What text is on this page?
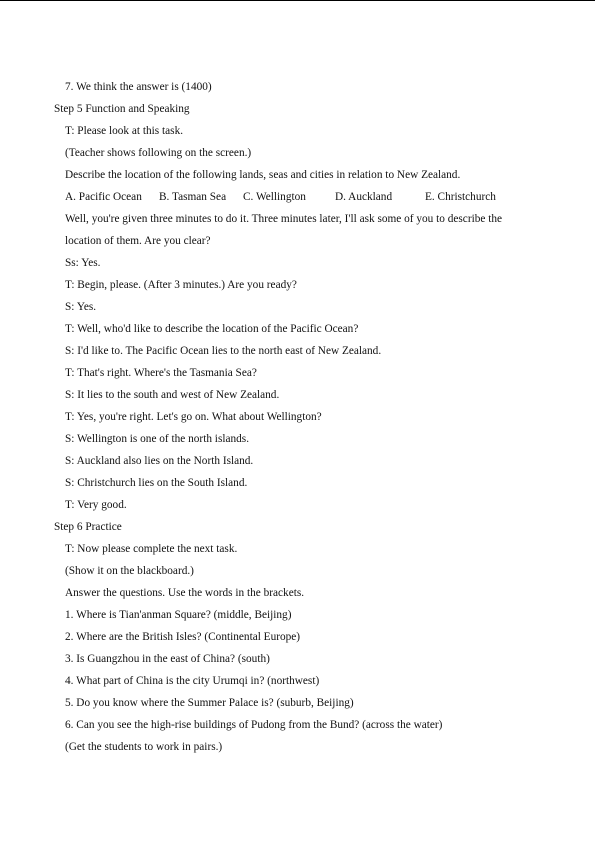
7. We think the answer is (1400)
Step 5 Function and Speaking
T: Please look at this task.
(Teacher shows following on the screen.)
Describe the location of the following lands, seas and cities in relation to New Zealand.
A. Pacific Ocean B. Tasman Sea C. Wellington	D. Auckland	E. Christchurch
Well, you're given three minutes to do it. Three minutes later, I'll ask some of you to describe the
location of them. Are you clear?
Ss: Yes.
T: Begin, please. (After 3 minutes.) Are you ready?
S: Yes.
T: Well, who'd like to describe the location of the Pacific Ocean?
S: I'd like to. The Pacific Ocean lies to the north east of New Zealand.
T: That's right. Where's the Tasmania Sea?
S: It lies to the south and west of New Zealand.
T: Yes, you're right. Let's go on. What about Wellington?
S: Wellington is one of the north islands.
S: Auckland also lies on the North Island.
S: Christchurch lies on the South Island.
T: Very good.
Step 6 Practice
T: Now please complete the next task.
(Show it on the blackboard.)
Answer the questions. Use the words in the brackets.
1. Where is Tian'anman Square? (middle, Beijing)
2. Where are the British Isles? (Continental Europe)
3. Is Guangzhou in the east of China? (south)
4. What part of China is the city Urumqi in? (northwest)
5. Do you know where the Summer Palace is? (suburb, Beijing)
6. Can you see the high-rise buildings of Pudong from the Bund? (across the water)
(Get the students to work in pairs.)
